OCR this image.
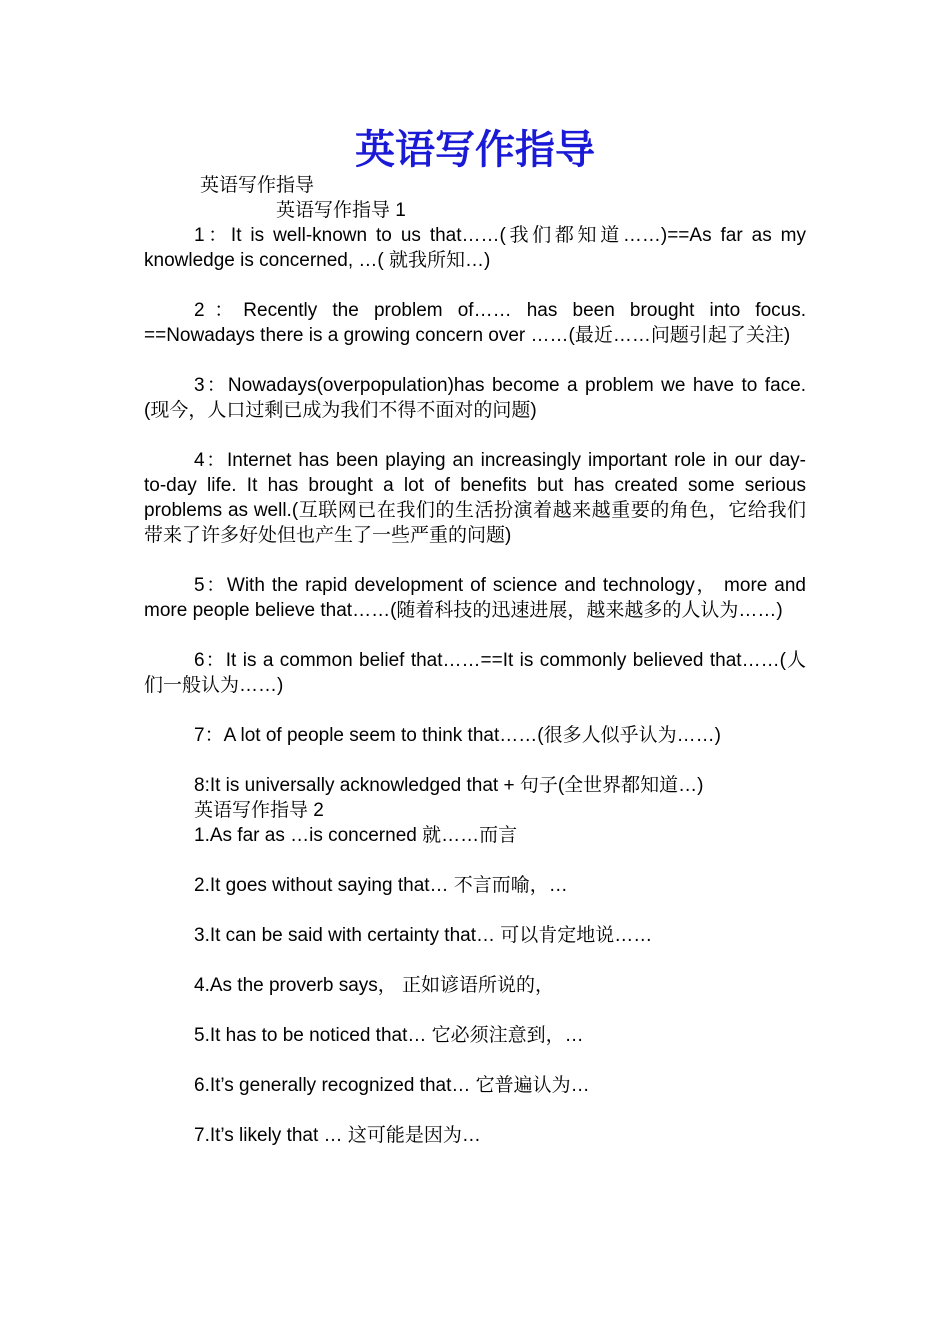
英语写作指导

英语写作指导

英语写作指导 1

1：It is well-known to us that……(我们都知道……)==As far as my knowledge is concerned, …( 就我所知…)

2：Recently the problem of…… has been brought into focus. ==Nowadays there is a growing concern over ……(最近……问题引起了关注)

3：Nowadays(overpopulation)has become a problem we have to face.(现今，人口过剩已成为我们不得不面对的问题)

4：Internet has been playing an increasingly important role in our day-to-day life. It has brought a lot of benefits but has created some serious problems as well.(互联网已在我们的生活扮演着越来越重要的角色，它给我们带来了许多好处但也产生了一些严重的问题)

5：With the rapid development of science and technology， more and more people believe that……(随着科技的迅速进展，越来越多的人认为……)

6：It is a common belief that……==It is commonly believed that……(人们一般认为……)

7：A lot of people seem to think that……(很多人似乎认为……)

8:It is universally acknowledged that + 句子(全世界都知道…)

英语写作指导 2

1.As far as …is concerned 就……而言

2.It goes without saying that… 不言而喻，…

3.It can be said with certainty that… 可以肯定地说……

4.As the proverb says， 正如谚语所说的，

5.It has to be noticed that… 它必须注意到，…

6.It’s generally recognized that… 它普遍认为…

7.It’s likely that … 这可能是因为…
